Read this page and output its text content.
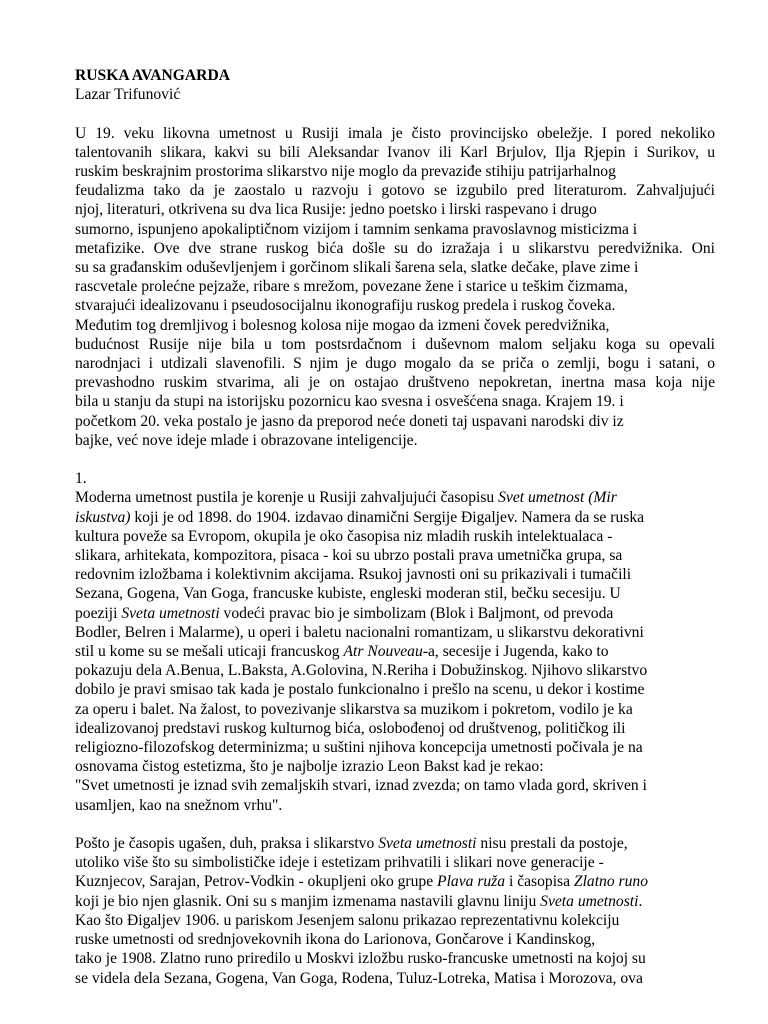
RUSKA AVANGARDA
Lazar Trifunović
U 19. veku likovna umetnost u Rusiji imala je čisto provincijsko obeležje. I pored nekoliko
talentovanih slikara, kakvi su bili Aleksandar Ivanov ili Karl Brjulov, Ilja Rjepin i Surikov, u
ruskim beskrajnim prostorima slikarstvo nije moglo da prevaziđe stihiju patrijarhalnog
feudalizma tako da je zaostalo u razvoju i gotovo se izgubilo pred literaturom. Zahvaljujući
njoj, literaturi, otkrivena su dva lica Rusije: jedno poetsko i lirski raspevano i drugo
sumorno, ispunjeno apokaliptičnom vizijom i tamnim senkama pravoslavnog misticizma i
metafizike. Ove dve strane ruskog bića došle su do izražaja i u slikarstvu peredvižnika. Oni
su sa građanskim oduševljenjem i gorčinom slikali šarena sela, slatke dečake, plave zime i
rascvetale prolećne pejzaže, ribare s mrežom, povezane žene i starice u teškim čizmama,
stvarajući idealizovanu i pseudosocijalnu ikonografiju ruskog predela i ruskog čoveka.
Međutim tog dremljivog i bolesnog kolosa nije mogao da izmeni čovek peredvižnika,
budućnost Rusije nije bila u tom postsrdačnom i duševnom malom seljaku koga su opevali
narodnjaci i utdizali slavenofili. S njim je dugo mogalo da se priča o zemlji, bogu i satani, o
prevashodno ruskim stvarima, ali je on ostajao društveno nepokretan, inertna masa koja nije
bila u stanju da stupi na istorijsku pozornicu kao svesna i osvešćena snaga. Krajem 19. i
početkom 20. veka postalo je jasno da preporod neće doneti taj uspavani narodski div iz
bajke, već nove ideje mlade i obrazovane inteligencije.
1.
Moderna umetnost pustila je korenje u Rusiji zahvaljujući časopisu Svet umetnost (Mir
iskustva) koji je od 1898. do 1904. izdavao dinamični Sergije Đigaljev. Namera da se ruska
kultura poveže sa Evropom, okupila je oko časopisa niz mladih ruskih intelektualaca -
slikara, arhitekata, kompozitora, pisaca - koi su ubrzo postali prava umetnička grupa, sa
redovnim izložbama i kolektivnim akcijama. Rsukoj javnosti oni su prikazivali i tumačili
Sezana, Gogena, Van Goga, francuske kubiste, engleski moderan stil, bečku secesiju. U
poeziji Sveta umetnosti vodeći pravac bio je simbolizam (Blok i Baljmont, od prevoda
Bodler, Belren i Malarme), u operi i baletu nacionalni romantizam, u slikarstvu dekorativni
stil u kome su se mešali uticaji francuskog Atr Nouveau-a, secesije i Jugenda, kako to
pokazuju dela A.Benua, L.Baksta, A.Golovina, N.Reriha i Dobužinskog. Njihovo slikarstvo
dobilo je pravi smisao tak kada je postalo funkcionalno i prešlo na scenu, u dekor i kostime
za operu i balet. Na žalost, to povezivanje slikarstva sa muzikom i pokretom, vodilo je ka
idealizovanoj predstavi ruskog kulturnog bića, oslobođenoj od društvenog, političkog ili
religiozno-filozofskog determinizma; u suštini njihova koncepcija umetnosti počivala je na
osnovama čistog estetizma, što je najbolje izrazio Leon Bakst kad je rekao:
"Svet umetnosti je iznad svih zemaljskih stvari, iznad zvezda; on tamo vlada gord, skriven i
usamljen, kao na snežnom vrhu".
Pošto je časopis ugašen, duh, praksa i slikarstvo Sveta umetnosti nisu prestali da postoje,
utoliko više što su simbolističke ideje i estetizam prihvatili i slikari nove generacije -
Kuznjecov, Sarajan, Petrov-Vodkin - okupljeni oko grupe Plava ruža i časopisa Zlatno runo
koji je bio njen glasnik. Oni su s manjim izmenama nastavili glavnu liniju Sveta umetnosti.
Kao što Đigaljev 1906. u pariskom Jesenjem salonu prikazao reprezentativnu kolekciju
ruske umetnosti od srednjovekovnih ikona do Larionova, Gončarove i Kandinskog,
tako je 1908. Zlatno runo priredilo u Moskvi izložbu rusko-francuske umetnosti na kojoj su
se videla dela Sezana, Gogena, Van Goga, Rodena, Tuluz-Lotreka, Matisa i Morozova, ova
